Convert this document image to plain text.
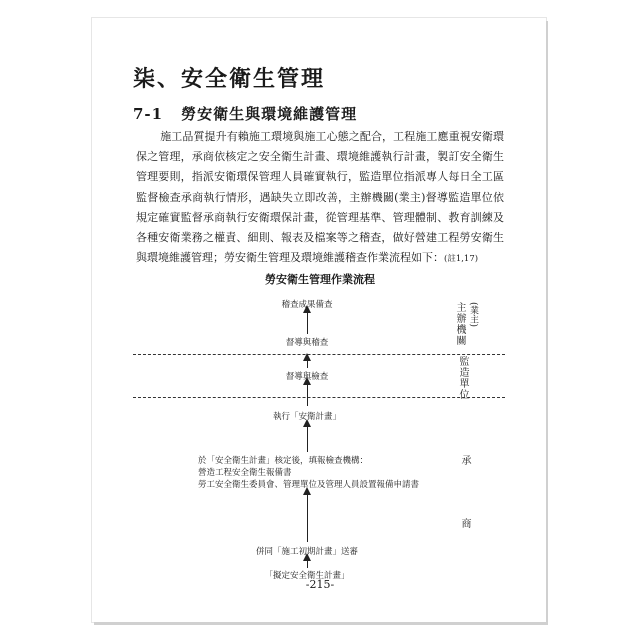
柒、安全衛生管理
7-1 勞安衛生與環境維護管理
施工品質提升有賴施工環境與施工心態之配合，工程施工應重視安衛環保之管理，承商依核定之安全衛生計畫、環境維護執行計畫，製訂安全衛生管理要則，指派安衛環保管理人員確實執行，監造單位指派專人每日全工區監督檢查承商執行情形，遇缺失立即改善，主辦機關(業主)督導監造單位依規定確實監督承商執行安衛環保計畫，從管理基準、管理體制、教育訓練及各種安衛業務之權責、細則、報表及檔案等之稽查，做好營建工程勞安衛生與環境維護管理；勞安衛生管理及環境維護稽查作業流程如下：(註1,17)
勞安衛生管理作業流程
稽查成果備查
督導與稽查
督導與檢查
執行「安衛計畫」
於「安全衛生計畫」核定後，填報檢查機構：
營造工程安全衛生報備書
勞工安全衛生委員會、管理單位及管理人員設置報備申請書
併同「施工初期計畫」送審
「擬定安全衛生計畫」
(業主)
主辦機關
監造單位
承
商
-215-
